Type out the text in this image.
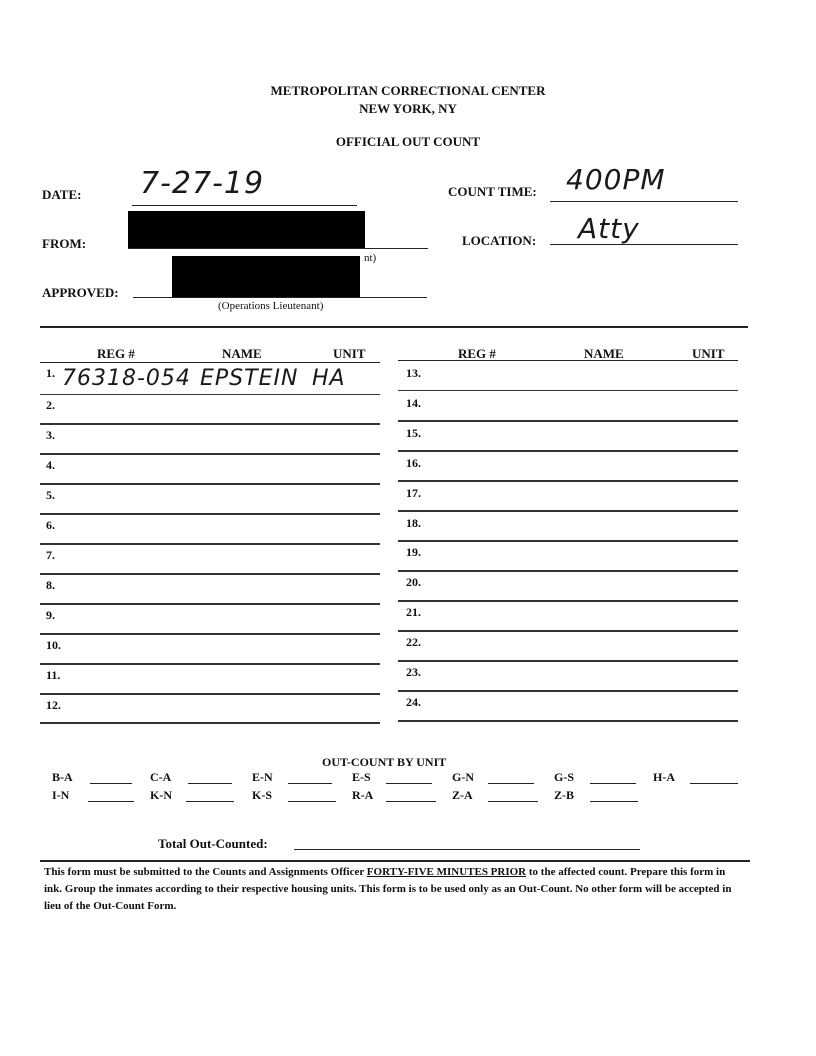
METROPOLITAN CORRECTIONAL CENTER
NEW YORK, NY
OFFICIAL OUT COUNT
DATE: 7-27-19	COUNT TIME: 400PM
FROM:
nt)
LOCATION: Atty
APPROVED:
(Operations Lieutenant)
REG #	NAME	UNIT	REG #	NAME	UNIT
1. 76318-054 EPSTEIN HA
2.
3.
4.
5.
6.
7.
8.
9.
10.
11.
12.
13.
14.
15.
16.
17.
18.
19.
20.
21.
22.
23.
24.
OUT-COUNT BY UNIT
B-A	C-A	E-N	E-S	G-N	G-S	H-A
I-N	K-N	K-S	R-A	Z-A	Z-B
Total Out-Counted:
This form must be submitted to the Counts and Assignments Officer FORTY-FIVE MINUTES PRIOR to the affected count. Prepare this form in ink. Group the inmates according to their respective housing units. This form is to be used only as an Out-Count. No other form will be accepted in lieu of the Out-Count Form.
